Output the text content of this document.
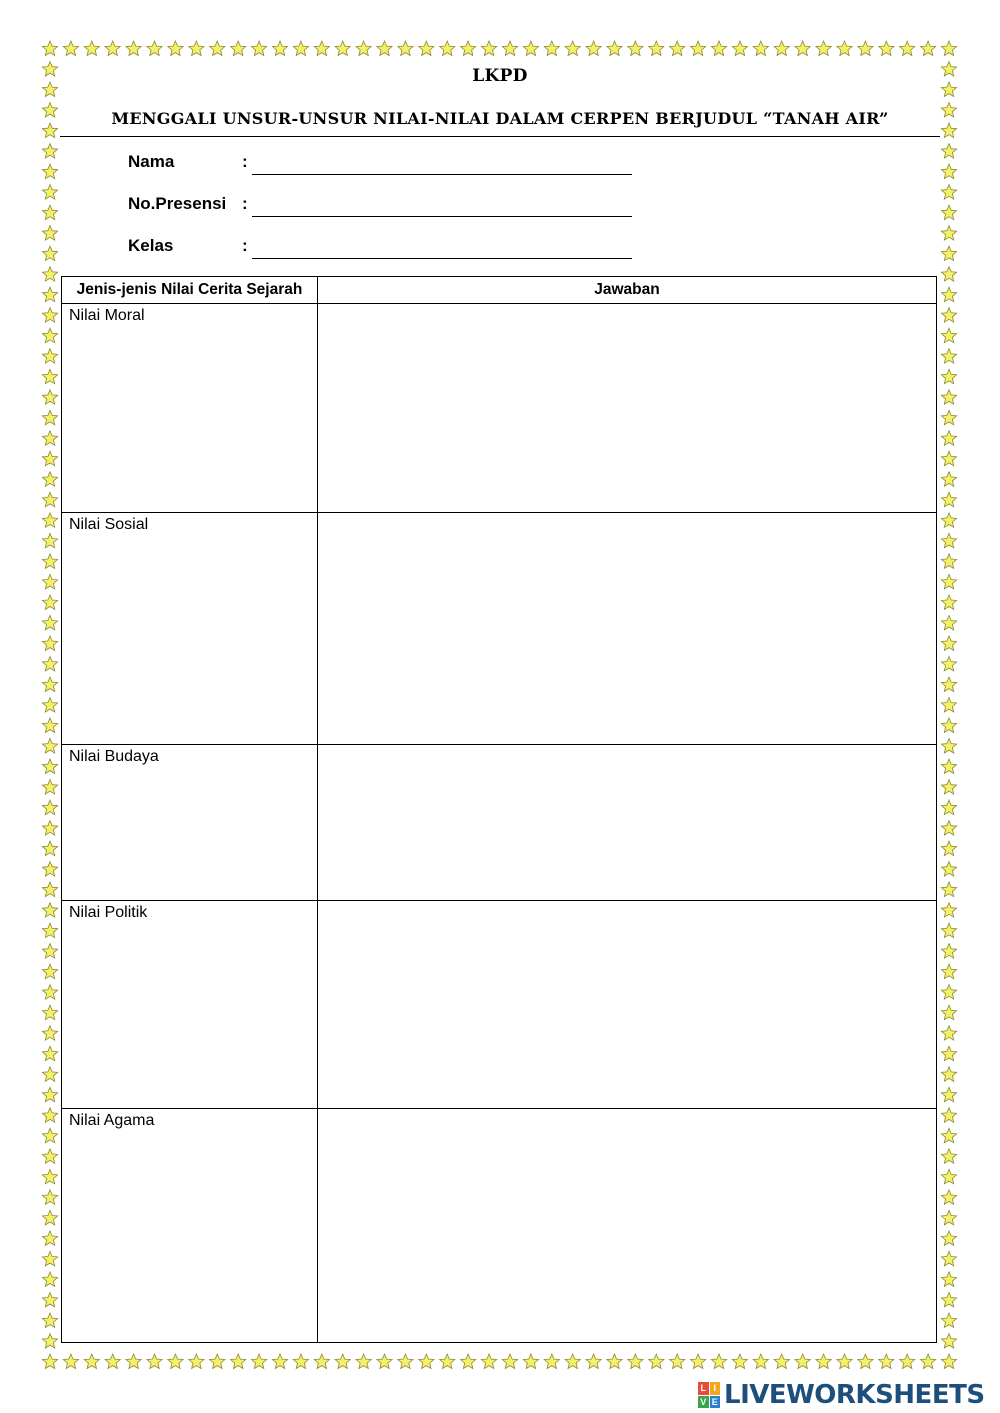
LKPD
MENGGALI UNSUR-UNSUR NILAI-NILAI DALAM CERPEN BERJUDUL “TANAH AIR”
Nama	:
No.Presensi :
Kelas	:
Jenis-jenis Nilai Cerita Sejarah	Jawaban
Nilai Moral	
Nilai Sosial	
Nilai Budaya	
Nilai Politik	
Nilai Agama	
L I
V E LIVEWORKSHEETS
